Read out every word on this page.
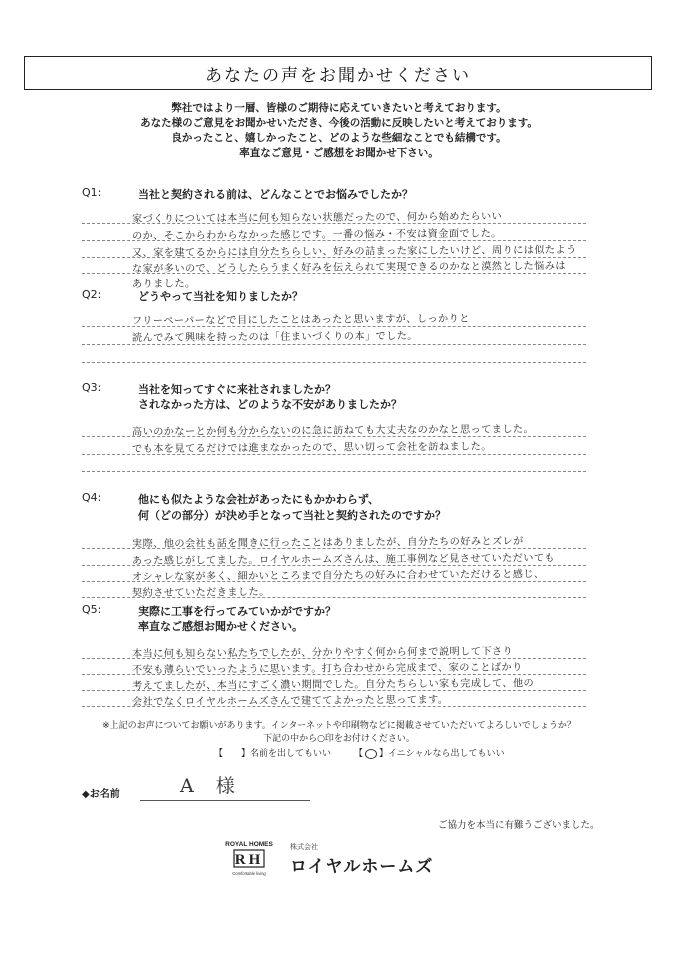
あなたの声をお聞かせください
弊社ではより一層、皆様のご期待に応えていきたいと考えております。
あなた様のご意見をお聞かせいただき、今後の活動に反映したいと考えております。
良かったこと、嬉しかったこと、どのような些細なことでも結構です。
率直なご意見・ご感想をお聞かせ下さい。
Q1:	当社と契約される前は、どんなことでお悩みでしたか？
家づくりについては本当に何も知らない状態だったので、何から始めたらいい
のか、そこからわからなかった感じです。一番の悩み・不安は資金面でした。
又、家を建てるからには自分たちらしい、好みの詰まった家にしたいけど、周りには似たよう
な家が多いので、どうしたらうまく好みを伝えられて実現できるのかなと漠然とした悩みは
ありました。
Q2:	どうやって当社を知りましたか？
フリーペーパーなどで目にしたことはあったと思いますが、しっかりと
読んでみて興味を持ったのは「住まいづくりの本」でした。
Q3:	当社を知ってすぐに来社されましたか？
されなかった方は、どのような不安がありましたか？
高いのかなーとか何も分からないのに急に訪ねても大丈夫なのかなと思ってました。
でも本を見てるだけでは進まなかったので、思い切って会社を訪ねました。
Q4:	他にも似たような会社があったにもかかわらず、
何（どの部分）が決め手となって当社と契約されたのですか？
実際、他の会社も話を聞きに行ったことはありましたが、自分たちの好みとズレが
あった感じがしてました。ロイヤルホームズさんは、施工事例など見させていただいても
オシャレな家が多く、細かいところまで自分たちの好みに合わせていただけると感じ、
契約させていただきました。
Q5:	実際に工事を行ってみていかがですか？
率直なご感想お聞かせください。
本当に何も知らない私たちでしたが、分かりやすく何から何まで説明して下さり
不安も薄らいでいったように思います。打ち合わせから完成まで、家のことばかり
考えてましたが、本当にすごく濃い期間でした。自分たちらしい家も完成して、他の
会社でなくロイヤルホームズさんで建ててよかったと思ってます。
※上記のお声についてお願いがあります。インターネットや印刷物などに掲載させていただいてよろしいでしょうか？
下記の中から○印をお付けください。
【 】名前を出してもいい	【 ○ 】イニシャルなら出してもいい
◆お名前	A 様
ご協力を本当に有難うございました。
ROYAL HOMES
RH
Comfortable living
株式会社
ロイヤルホームズ
